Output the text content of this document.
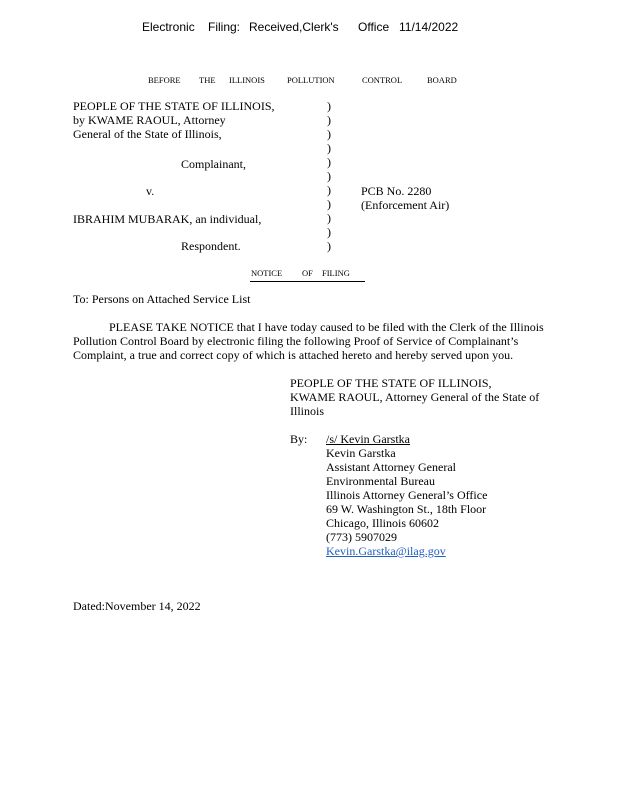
Electronic Filing: Received,Clerk's Office 11/14/2022
BEFORE THE ILLINOIS	POLLUTION	CONTROL	BOARD
PEOPLE OF THE STATE OF ILLINOIS,
by KWAME RAOUL, Attorney
General of the State of Illinois,
Complainant,
v.
IBRAHIM MUBARAK, an individual,
Respondent.
)
)
)
)
)
)
)
)
)
)
)
PCB No. 2280
(Enforcement Air)
NOTICE OF FILING
To: Persons on Attached Service List
PLEASE TAKE NOTICE that I have today caused to be filed with the Clerk of the Illinois
Pollution Control Board by electronic filing the following Proof of Service of Complainant’s
Complaint, a true and correct copy of which is attached hereto and hereby served upon you.
PEOPLE OF THE STATE OF ILLINOIS,
KWAME RAOUL, Attorney General of the State of
Illinois
By: /s/ Kevin Garstka
Kevin Garstka
Assistant Attorney General
Environmental Bureau
Illinois Attorney General’s Office
69 W. Washington St., 18th Floor
Chicago, Illinois 60602
(773) 5907029
Kevin.Garstka@ilag.gov
Dated:November 14, 2022
